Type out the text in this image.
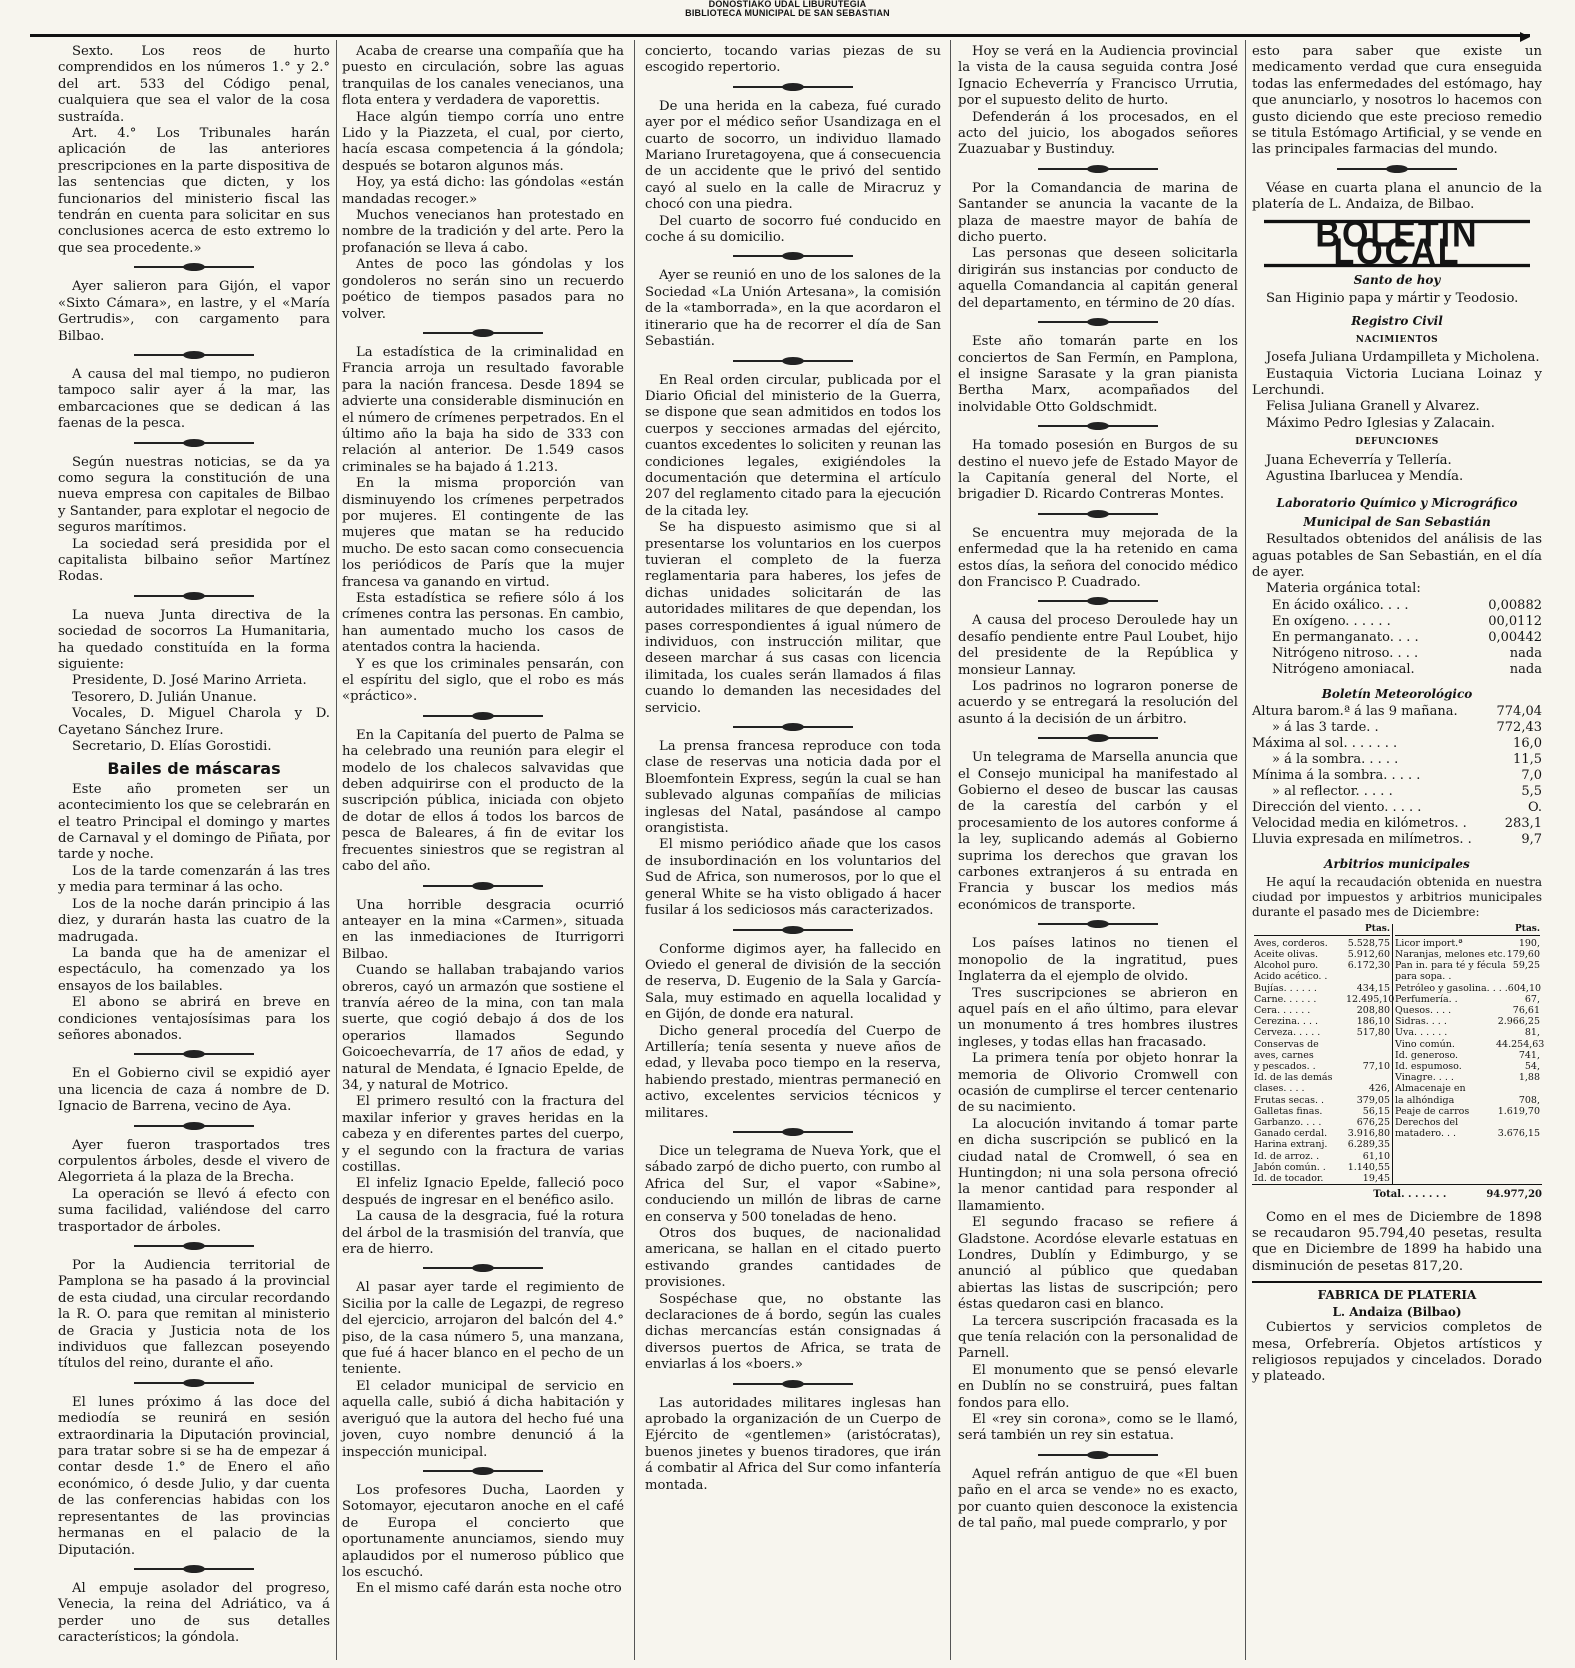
DONOSTIAKO UDAL LIBURUTEGIA
BIBLIOTECA MUNICIPAL DE SAN SEBASTIAN

Sexto. Los reos de hurto comprendidos en los números 1.° y 2.° del art. 533 del Código penal, cualquiera que sea el valor de la cosa sustraída.

Art. 4.° Los Tribunales harán aplicación de las anteriores prescripciones en la parte dispositiva de las sentencias que dicten, y los funcionarios del ministerio fiscal las tendrán en cuenta para solicitar en sus conclusiones acerca de esto extremo lo que sea procedente.»

Ayer salieron para Gijón, el vapor «Sixto Cámara», en lastre, y el «María Gertrudis», con cargamento para Bilbao.

A causa del mal tiempo, no pudieron tampoco salir ayer á la mar, las embarcaciones que se dedican á las faenas de la pesca.

Según nuestras noticias, se da ya como segura la constitución de una nueva empresa con capitales de Bilbao y Santander, para explotar el negocio de seguros marítimos.

La sociedad será presidida por el capitalista bilbaino señor Martínez Rodas.

La nueva Junta directiva de la sociedad de socorros La Humanitaria, ha quedado constituída en la forma siguiente:

Presidente, D. José Marino Arrieta.

Tesorero, D. Julián Unanue.

Vocales, D. Miguel Charola y D. Cayetano Sánchez Irure.

Secretario, D. Elías Gorostidi.

Bailes de máscaras

Este año prometen ser un acontecimiento los que se celebrarán en el teatro Principal el domingo y martes de Carnaval y el domingo de Piñata, por tarde y noche.

Los de la tarde comenzarán á las tres y media para terminar á las ocho.

Los de la noche darán principio á las diez, y durarán hasta las cuatro de la madrugada.

La banda que ha de amenizar el espectáculo, ha comenzado ya los ensayos de los bailables.

El abono se abrirá en breve en condiciones ventajosísimas para los señores abonados.

En el Gobierno civil se expidió ayer una licencia de caza á nombre de D. Ignacio de Barrena, vecino de Aya.

Ayer fueron trasportados tres corpulentos árboles, desde el vivero de Alegorrieta á la plaza de la Brecha.

La operación se llevó á efecto con suma facilidad, valiéndose del carro trasportador de árboles.

Por la Audiencia territorial de Pamplona se ha pasado á la provincial de esta ciudad, una circular recordando la R. O. para que remitan al ministerio de Gracia y Justicia nota de los individuos que fallezcan poseyendo títulos del reino, durante el año.

El lunes próximo á las doce del mediodía se reunirá en sesión extraordinaria la Diputación provincial, para tratar sobre si se ha de empezar á contar desde 1.° de Enero el año económico, ó desde Julio, y dar cuenta de las conferencias habidas con los representantes de las provincias hermanas en el palacio de la Diputación.

Al empuje asolador del progreso, Venecia, la reina del Adriático, va á perder uno de sus detalles característicos; la góndola.

Acaba de crearse una compañía que ha puesto en circulación, sobre las aguas tranquilas de los canales venecianos, una flota entera y verdadera de vaporettis.

Hace algún tiempo corría uno entre Lido y la Piazzeta, el cual, por cierto, hacía escasa competencia á la góndola; después se botaron algunos más.

Hoy, ya está dicho: las góndolas «están mandadas recoger.»

Muchos venecianos han protestado en nombre de la tradición y del arte. Pero la profanación se lleva á cabo.

Antes de poco las góndolas y los gondoleros no serán sino un recuerdo poético de tiempos pasados para no volver.

La estadística de la criminalidad en Francia arroja un resultado favorable para la nación francesa. Desde 1894 se advierte una considerable disminución en el número de crímenes perpetrados. En el último año la baja ha sido de 333 con relación al anterior. De 1.549 casos criminales se ha bajado á 1.213.

En la misma proporción van disminuyendo los crímenes perpetrados por mujeres. El contingente de las mujeres que matan se ha reducido mucho. De esto sacan como consecuencia los periódicos de París que la mujer francesa va ganando en virtud.

Esta estadística se refiere sólo á los crímenes contra las personas. En cambio, han aumentado mucho los casos de atentados contra la hacienda.

Y es que los criminales pensarán, con el espíritu del siglo, que el robo es más «práctico».

En la Capitanía del puerto de Palma se ha celebrado una reunión para elegir el modelo de los chalecos salvavidas que deben adquirirse con el producto de la suscripción pública, iniciada con objeto de dotar de ellos á todos los barcos de pesca de Baleares, á fin de evitar los frecuentes siniestros que se registran al cabo del año.

Una horrible desgracia ocurrió anteayer en la mina «Carmen», situada en las inmediaciones de Iturrigorri Bilbao.

Cuando se hallaban trabajando varios obreros, cayó un armazón que sostiene el tranvía aéreo de la mina, con tan mala suerte, que cogió debajo á dos de los operarios llamados Segundo Goicoechevarría, de 17 años de edad, y natural de Mendata, é Ignacio Epelde, de 34, y natural de Motrico.

El primero resultó con la fractura del maxilar inferior y graves heridas en la cabeza y en diferentes partes del cuerpo, y el segundo con la fractura de varias costillas.

El infeliz Ignacio Epelde, falleció poco después de ingresar en el benéfico asilo.

La causa de la desgracia, fué la rotura del árbol de la trasmisión del tranvía, que era de hierro.

Al pasar ayer tarde el regimiento de Sicilia por la calle de Legazpi, de regreso del ejercicio, arrojaron del balcón del 4.° piso, de la casa número 5, una manzana, que fué á hacer blanco en el pecho de un teniente.

El celador municipal de servicio en aquella calle, subió á dicha habitación y averiguó que la autora del hecho fué una joven, cuyo nombre denunció á la inspección municipal.

Los profesores Ducha, Laorden y Sotomayor, ejecutaron anoche en el café de Europa el concierto que oportunamente anunciamos, siendo muy aplaudidos por el numeroso público que los escuchó.

En el mismo café darán esta noche otro

concierto, tocando varias piezas de su escogido repertorio.

De una herida en la cabeza, fué curado ayer por el médico señor Usandizaga en el cuarto de socorro, un individuo llamado Mariano Iruretagoyena, que á consecuencia de un accidente que le privó del sentido cayó al suelo en la calle de Miracruz y chocó con una piedra.

Del cuarto de socorro fué conducido en coche á su domicilio.

Ayer se reunió en uno de los salones de la Sociedad «La Unión Artesana», la comisión de la «tamborrada», en la que acordaron el itinerario que ha de recorrer el día de San Sebastián.

En Real orden circular, publicada por el Diario Oficial del ministerio de la Guerra, se dispone que sean admitidos en todos los cuerpos y secciones armadas del ejército, cuantos excedentes lo soliciten y reunan las condiciones legales, exigiéndoles la documentación que determina el artículo 207 del reglamento citado para la ejecución de la citada ley.

Se ha dispuesto asimismo que si al presentarse los voluntarios en los cuerpos tuvieran el completo de la fuerza reglamentaria para haberes, los jefes de dichas unidades solicitarán de las autoridades militares de que dependan, los pases correspondientes á igual número de individuos, con instrucción militar, que deseen marchar á sus casas con licencia ilimitada, los cuales serán llamados á filas cuando lo demanden las necesidades del servicio.

La prensa francesa reproduce con toda clase de reservas una noticia dada por el Bloemfontein Express, según la cual se han sublevado algunas compañías de milicias inglesas del Natal, pasándose al campo orangistista.

El mismo periódico añade que los casos de insubordinación en los voluntarios del Sud de Africa, son numerosos, por lo que el general White se ha visto obligado á hacer fusilar á los sediciosos más caracterizados.

Conforme digimos ayer, ha fallecido en Oviedo el general de división de la sección de reserva, D. Eugenio de la Sala y García-Sala, muy estimado en aquella localidad y en Gijón, de donde era natural.

Dicho general procedía del Cuerpo de Artillería; tenía sesenta y nueve años de edad, y llevaba poco tiempo en la reserva, habiendo prestado, mientras permaneció en activo, excelentes servicios técnicos y militares.

Dice un telegrama de Nueva York, que el sábado zarpó de dicho puerto, con rumbo al Africa del Sur, el vapor «Sabine», conduciendo un millón de libras de carne en conserva y 500 toneladas de heno.

Otros dos buques, de nacionalidad americana, se hallan en el citado puerto estivando grandes cantidades de provisiones.

Sospéchase que, no obstante las declaraciones de á bordo, según las cuales dichas mercancías están consignadas á diversos puertos de Africa, se trata de enviarlas á los «boers.»

Las autoridades militares inglesas han aprobado la organización de un Cuerpo de Ejército de «gentlemen» (aristócratas), buenos jinetes y buenos tiradores, que irán á combatir al Africa del Sur como infantería montada.

Hoy se verá en la Audiencia provincial la vista de la causa seguida contra José Ignacio Echeverría y Francisco Urrutia, por el supuesto delito de hurto.

Defenderán á los procesados, en el acto del juicio, los abogados señores Zuazuabar y Bustinduy.

Por la Comandancia de marina de Santander se anuncia la vacante de la plaza de maestre mayor de bahía de dicho puerto.

Las personas que deseen solicitarla dirigirán sus instancias por conducto de aquella Comandancia al capitán general del departamento, en término de 20 días.

Este año tomarán parte en los conciertos de San Fermín, en Pamplona, el insigne Sarasate y la gran pianista Bertha Marx, acompañados del inolvidable Otto Goldschmidt.

Ha tomado posesión en Burgos de su destino el nuevo jefe de Estado Mayor de la Capitanía general del Norte, el brigadier D. Ricardo Contreras Montes.

Se encuentra muy mejorada de la enfermedad que la ha retenido en cama estos días, la señora del conocido médico don Francisco P. Cuadrado.

A causa del proceso Deroulede hay un desafío pendiente entre Paul Loubet, hijo del presidente de la República y monsieur Lannay.

Los padrinos no lograron ponerse de acuerdo y se entregará la resolución del asunto á la decisión de un árbitro.

Un telegrama de Marsella anuncia que el Consejo municipal ha manifestado al Gobierno el deseo de buscar las causas de la carestía del carbón y el procesamiento de los autores conforme á la ley, suplicando además al Gobierno suprima los derechos que gravan los carbones extranjeros á su entrada en Francia y buscar los medios más económicos de transporte.

Los países latinos no tienen el monopolio de la ingratitud, pues Inglaterra da el ejemplo de olvido.

Tres suscripciones se abrieron en aquel país en el año último, para elevar un monumento á tres hombres ilustres ingleses, y todas ellas han fracasado.

La primera tenía por objeto honrar la memoria de Olivorio Cromwell con ocasión de cumplirse el tercer centenario de su nacimiento.

La alocución invitando á tomar parte en dicha suscripción se publicó en la ciudad natal de Cromwell, ó sea en Huntingdon; ni una sola persona ofreció la menor cantidad para responder al llamamiento.

El segundo fracaso se refiere á Gladstone. Acordóse elevarle estatuas en Londres, Dublín y Edimburgo, y se anunció al público que quedaban abiertas las listas de suscripción; pero éstas quedaron casi en blanco.

La tercera suscripción fracasada es la que tenía relación con la personalidad de Parnell.

El monumento que se pensó elevarle en Dublín no se construirá, pues faltan fondos para ello.

El «rey sin corona», como se le llamó, será también un rey sin estatua.

Aquel refrán antiguo de que «El buen paño en el arca se vende» no es exacto, por cuanto quien desconoce la existencia de tal paño, mal puede comprarlo, y por

esto para saber que existe un medicamento verdad que cura enseguida todas las enfermedades del estómago, hay que anunciarlo, y nosotros lo hacemos con gusto diciendo que este precioso remedio se titula Estómago Artificial, y se vende en las principales farmacias del mundo.

Véase en cuarta plana el anuncio de la platería de L. Andaiza, de Bilbao.

BOLETIN LOCAL
Santo de hoy

San Higinio papa y mártir y Teodosio.

Registro Civil
NACIMIENTOS

Josefa Juliana Urdampilleta y Micholena.

Eustaquia Victoria Luciana Loinaz y Lerchundi.

Felisa Juliana Granell y Alvarez.

Máximo Pedro Iglesias y Zalacain.

DEFUNCIONES

Juana Echeverría y Tellería.

Agustina Ibarlucea y Mendía.

Laboratorio Químico y Micrográfico
Municipal de San Sebastián

Resultados obtenidos del análisis de las aguas potables de San Sebastián, en el día de ayer.

Materia orgánica total:

En ácido oxálico. . . .	0,00882
En oxígeno. . . . . .	00,0112
En permanganato. . . .	0,00442
Nitrógeno nitroso. . . .	nada
Nitrógeno amoniacal.	nada
Boletín Meteorológico
Altura barom.ª á las 9 mañana.	774,04
» á las 3 tarde. .	772,43
Máxima al sol. . . . . . .	16,0
» á la sombra. . . . .	11,5
Mínima á la sombra. . . . .	7,0
» al reflector. . . . .	5,5
Dirección del viento. . . . .	O.
Velocidad media en kilómetros. .	283,1
Lluvia expresada en milímetros. .	9,7
Arbitrios municipales

He aquí la recaudación obtenida en nuestra ciudad por impuestos y arbitrios municipales durante el pasado mes de Diciembre:

Ptas.
Aves, corderos.	5.528,75
Aceite olivas.	5.912,60
Alcohol puro.	6.172,30
Acido acético. .
Bujías. . . . . .	434,15
Carne. . . . . .	12.495,10
Cera. . . . . .	208,80
Cerezina. . . .	186,10
Cerveza. . . . .	517,80
Conservas de
aves, carnes
y pescados. .	77,10
Id. de las demás
clases. . . .	426,
Frutas secas. .	379,05
Galletas finas.	56,15
Garbanzo. . . .	676,25
Ganado cerdal.	3.916,80
Harina extranj.	6.289,35
Id. de arroz. .	61,10
Jabón común. .	1.140,55
Id. de tocador.	19,45
Ptas.
Licor import.ª	190,
Naranjas, melones etc. 179,60
Pan in. para té y fécula 59,25
para sopa. .
Petróleo y gasolina. . . . 604,10
Perfumería. .	67,
Quesos. . . .	76,61
Sidras. . . .	2.966,25
Uva. . . . . .	81,
Vino común.	44.254,63
Id. generoso.	741,
Id. espumoso.	54,
Vinagre. . . .	1,88
Almacenaje en
la alhóndiga	708,
Peaje de carros	1.619,70
Derechos del
matadero. . .	3.676,15
Total. . . . . . .	94.977,20

Como en el mes de Diciembre de 1898 se recaudaron 95.794,40 pesetas, resulta que en Diciembre de 1899 ha habido una disminución de pesetas 817,20.

FABRICA DE PLATERIA
L. Andaiza (Bilbao)

Cubiertos y servicios completos de mesa, Orfebrería. Objetos artísticos y religiosos repujados y cincelados. Dorado y plateado.
